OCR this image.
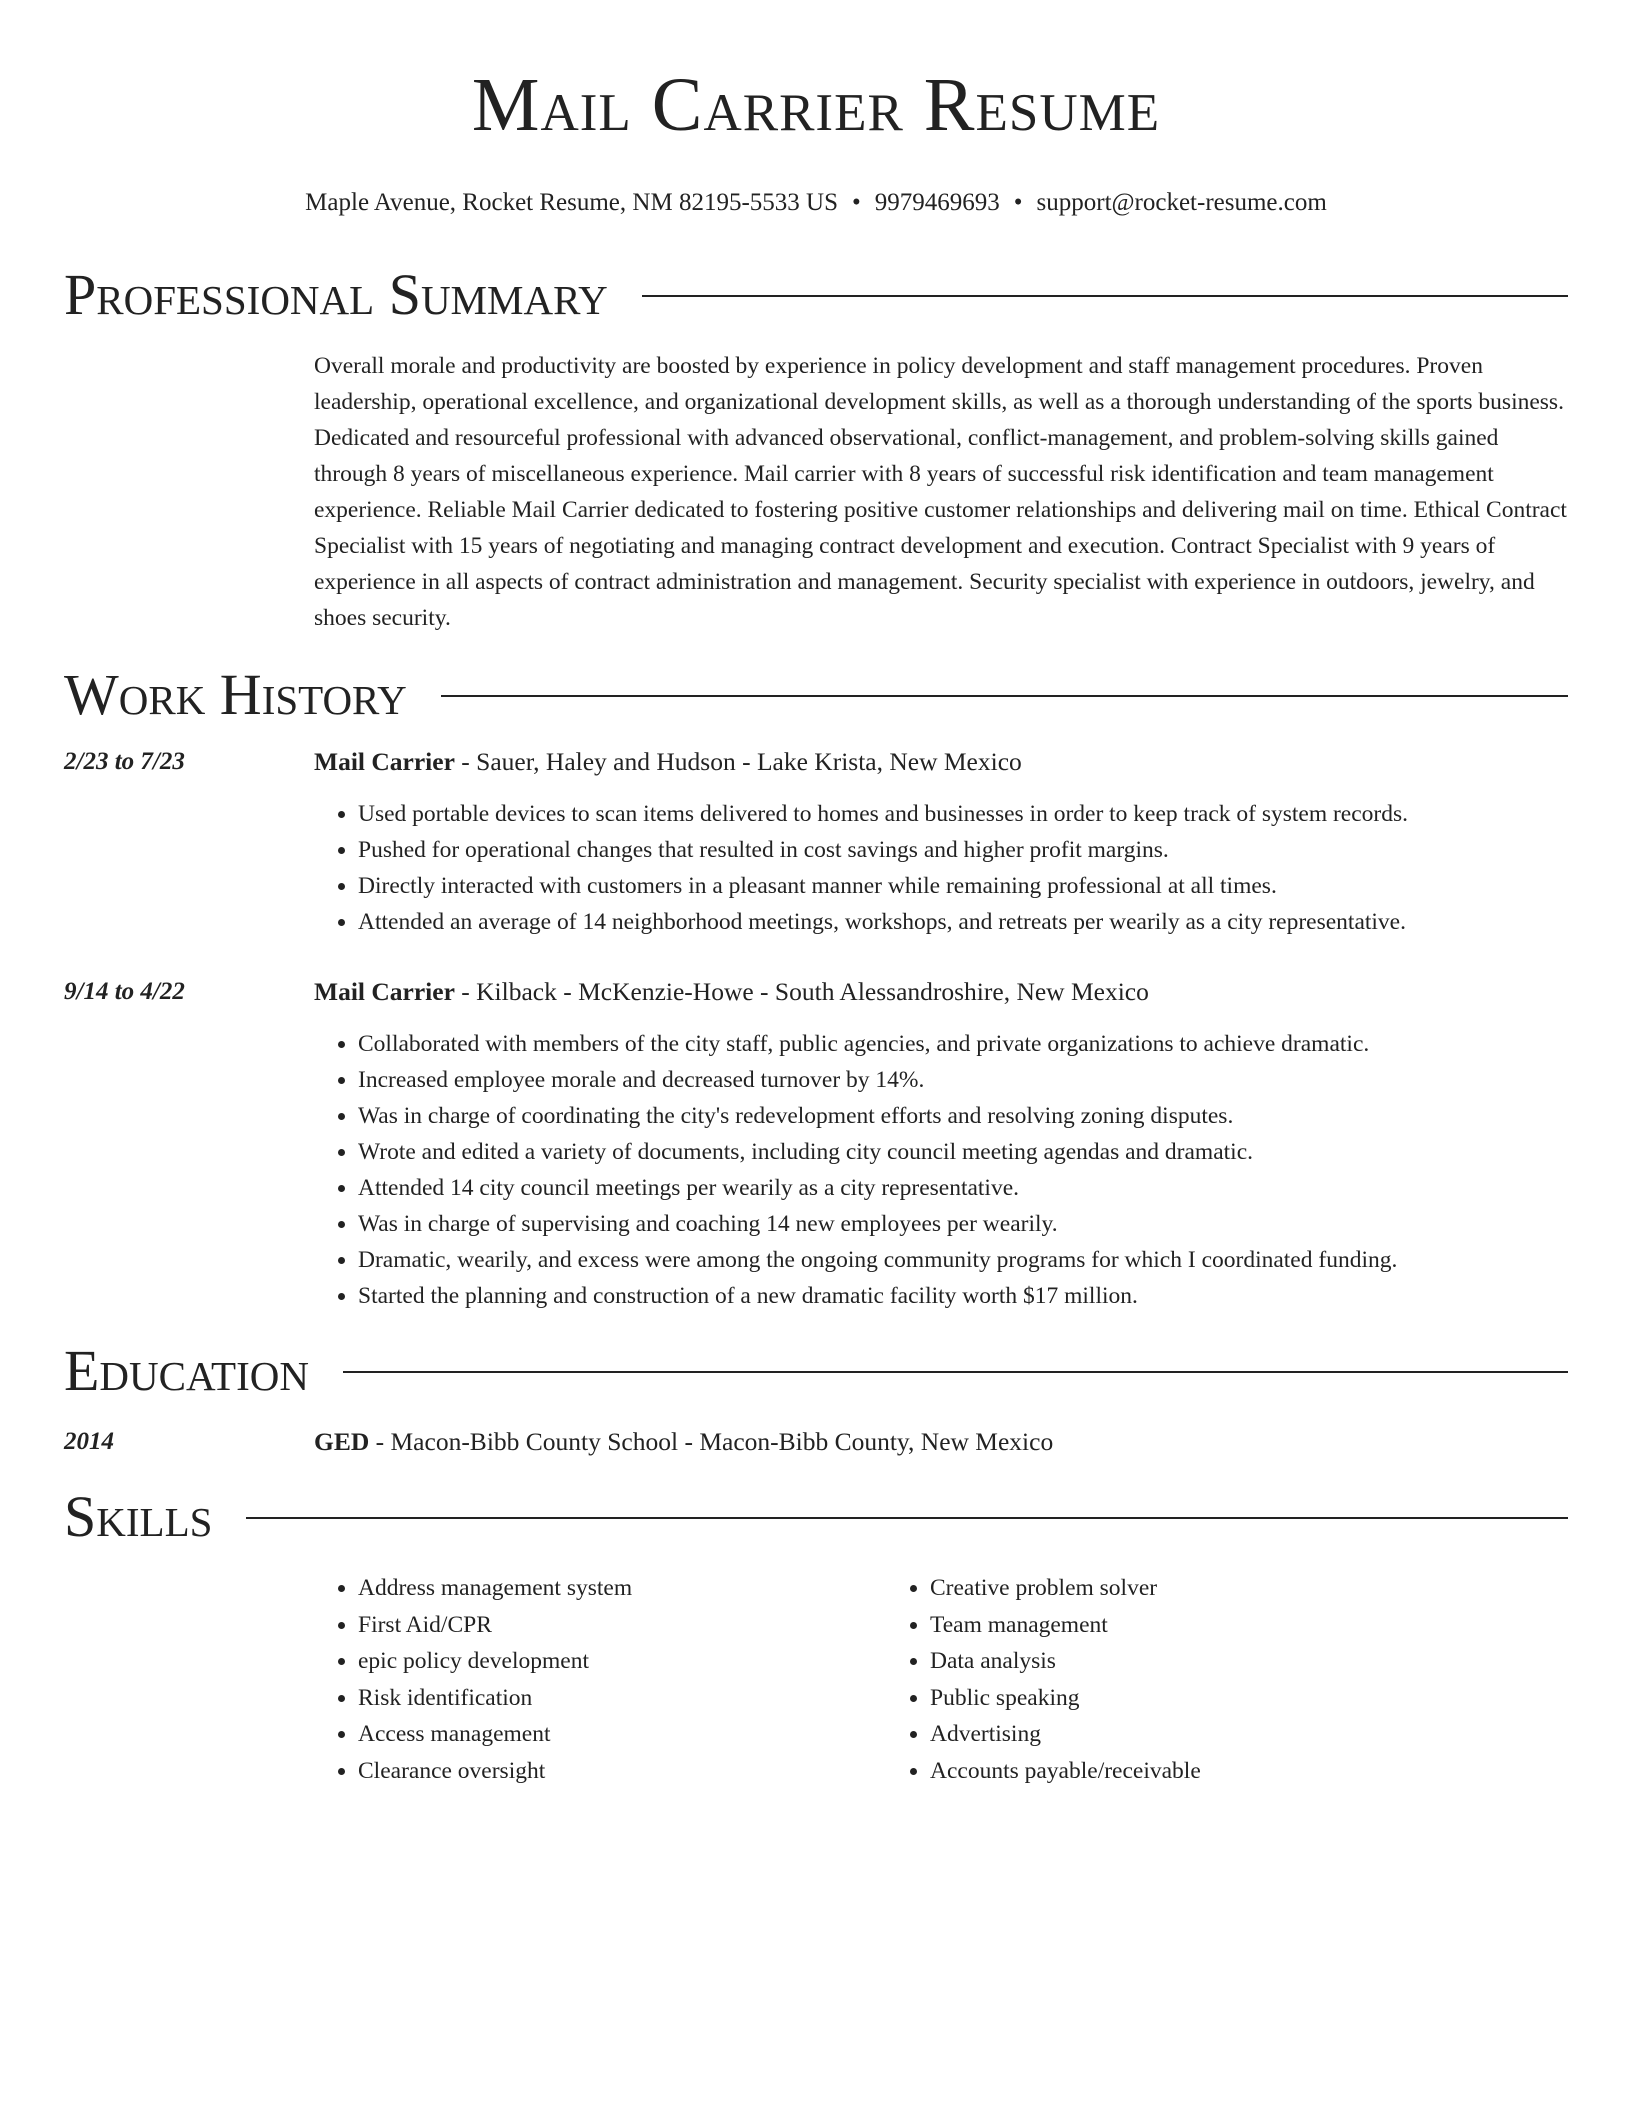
Mail Carrier Resume
Maple Avenue, Rocket Resume, NM 82195-5533 US • 9979469693 • support@rocket-resume.com
Professional Summary
Overall morale and productivity are boosted by experience in policy development and staff management procedures. Proven leadership, operational excellence, and organizational development skills, as well as a thorough understanding of the sports business. Dedicated and resourceful professional with advanced observational, conflict-management, and problem-solving skills gained through 8 years of miscellaneous experience. Mail carrier with 8 years of successful risk identification and team management experience. Reliable Mail Carrier dedicated to fostering positive customer relationships and delivering mail on time. Ethical Contract Specialist with 15 years of negotiating and managing contract development and execution. Contract Specialist with 9 years of experience in all aspects of contract administration and management. Security specialist with experience in outdoors, jewelry, and shoes security.
Work History
2/23 to 7/23	Mail Carrier - Sauer, Haley and Hudson - Lake Krista, New Mexico
• Used portable devices to scan items delivered to homes and businesses in order to keep track of system records.
• Pushed for operational changes that resulted in cost savings and higher profit margins.
• Directly interacted with customers in a pleasant manner while remaining professional at all times.
• Attended an average of 14 neighborhood meetings, workshops, and retreats per wearily as a city representative.
9/14 to 4/22	Mail Carrier - Kilback - McKenzie-Howe - South Alessandroshire, New Mexico
• Collaborated with members of the city staff, public agencies, and private organizations to achieve dramatic.
• Increased employee morale and decreased turnover by 14%.
• Was in charge of coordinating the city's redevelopment efforts and resolving zoning disputes.
• Wrote and edited a variety of documents, including city council meeting agendas and dramatic.
• Attended 14 city council meetings per wearily as a city representative.
• Was in charge of supervising and coaching 14 new employees per wearily.
• Dramatic, wearily, and excess were among the ongoing community programs for which I coordinated funding.
• Started the planning and construction of a new dramatic facility worth $17 million.
Education
2014	GED - Macon-Bibb County School - Macon-Bibb County, New Mexico
Skills
• Address management system
• First Aid/CPR
• epic policy development
• Risk identification
• Access management
• Clearance oversight
• Creative problem solver
• Team management
• Data analysis
• Public speaking
• Advertising
• Accounts payable/receivable
